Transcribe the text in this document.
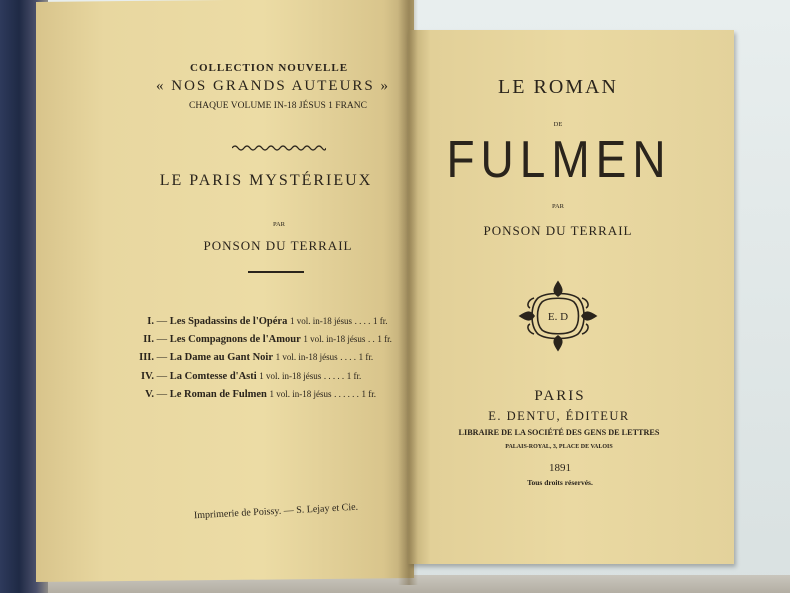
COLLECTION NOUVELLE
« NOS GRANDS AUTEURS »
CHAQUE VOLUME IN-18 JÉSUS 1 FRANC
LE PARIS MYSTÉRIEUX
PAR
PONSON DU TERRAIL
I. — Les Spadassins de l'Opéra 1 vol. in-18 jésus . . . . 1 fr.
II. — Les Compagnons de l'Amour 1 vol. in-18 jésus . . 1 fr.
III. — La Dame au Gant Noir 1 vol. in-18 jésus . . . . 1 fr.
IV. — La Comtesse d'Asti 1 vol. in-18 jésus . . . . . 1 fr.
V. — Le Roman de Fulmen 1 vol. in-18 jésus . . . . . . 1 fr.
Imprimerie de Poissy. — S. Lejay et Cie.
LE ROMAN
DE
FULMEN
PAR
PONSON DU TERRAIL
E. D
PARIS
E. DENTU, ÉDITEUR
LIBRAIRE DE LA SOCIÉTÉ DES GENS DE LETTRES
PALAIS-ROYAL, 3, PLACE DE VALOIS
1891
Tous droits réservés.
